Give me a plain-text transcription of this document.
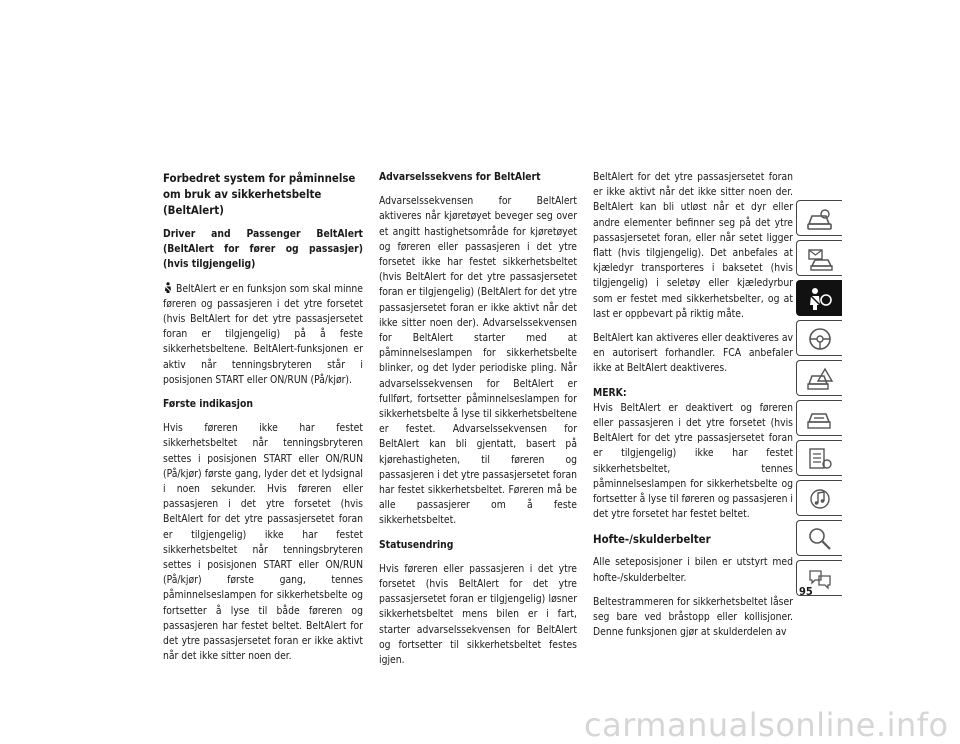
Forbedret system for påminnelse om bruk av sikkerhetsbelte (BeltAlert)
Driver and Passenger BeltAlert (BeltAlert for fører og passasjer) (hvis tilgjengelig)

BeltAlert er en funksjon som skal minne føreren og passasjeren i det ytre forsetet (hvis BeltAlert for det ytre passasjersetet foran er tilgjengelig) på å feste sikkerhetsbeltene. BeltAlert-funksjonen er aktiv når tenningsbryteren står i posisjonen START eller ON/RUN (På/kjør).

Første indikasjon

Hvis føreren ikke har festet sikkerhetsbeltet når tenningsbryteren settes i posisjonen START eller ON/RUN (På/kjør) første gang, lyder det et lydsignal i noen sekunder. Hvis føreren eller passasjeren i det ytre forsetet (hvis BeltAlert for det ytre passasjersetet foran er tilgjengelig) ikke har festet sikkerhetsbeltet når tenningsbryteren settes i posisjonen START eller ON/RUN (På/kjør) første gang, tennes påminnelseslampen for sikkerhetsbelte og fortsetter å lyse til både føreren og passasjeren har festet beltet. BeltAlert for det ytre passasjersetet foran er ikke aktivt når det ikke sitter noen der.

Advarselssekvens for BeltAlert

Advarselssekvensen for BeltAlert aktiveres når kjøretøyet beveger seg over et angitt hastighetsområde for kjøretøyet og føreren eller passasjeren i det ytre forsetet ikke har festet sikkerhetsbeltet (hvis BeltAlert for det ytre passasjersetet foran er tilgjengelig) (BeltAlert for det ytre passasjersetet foran er ikke aktivt når det ikke sitter noen der). Advarselssekvensen for BeltAlert starter med at påminnelseslampen for sikkerhetsbelte blinker, og det lyder periodiske pling. Når advarselssekvensen for BeltAlert er fullført, fortsetter påminnelseslampen for sikkerhetsbelte å lyse til sikkerhetsbeltene er festet. Advarselssekvensen for BeltAlert kan bli gjentatt, basert på kjørehastigheten, til føreren og passasjeren i det ytre passasjersetet foran har festet sikkerhetsbeltet. Føreren må be alle passasjerer om å feste sikkerhetsbeltet.

Statusendring

Hvis føreren eller passasjeren i det ytre forsetet (hvis BeltAlert for det ytre passasjersetet foran er tilgjengelig) løsner sikkerhetsbeltet mens bilen er i fart, starter advarselssekvensen for BeltAlert og fortsetter til sikkerhetsbeltet festes igjen.

BeltAlert for det ytre passasjersetet foran er ikke aktivt når det ikke sitter noen der. BeltAlert kan bli utløst når et dyr eller andre elementer befinner seg på det ytre passasjersetet foran, eller når setet ligger flatt (hvis tilgjengelig). Det anbefales at kjæledyr transporteres i baksetet (hvis tilgjengelig) i seletøy eller kjæledyrbur som er festet med sikkerhetsbelter, og at last er oppbevart på riktig måte.

BeltAlert kan aktiveres eller deaktiveres av en autorisert forhandler. FCA anbefaler ikke at BeltAlert deaktiveres.

MERK:
Hvis BeltAlert er deaktivert og føreren eller passasjeren i det ytre forsetet (hvis BeltAlert for det ytre passasjersetet foran er tilgjengelig) ikke har festet sikkerhetsbeltet, tennes påminnelseslampen for sikkerhetsbelte og fortsetter å lyse til føreren og passasjeren i det ytre forsetet har festet beltet.

Hofte-/skulderbelter

Alle seteposisjoner i bilen er utstyrt med hofte-/skulderbelter.

Beltestrammeren for sikkerhetsbeltet låser seg bare ved bråstopp eller kollisjoner. Denne funksjonen gjør at skulderdelen av

95
carmanualsonline.info
